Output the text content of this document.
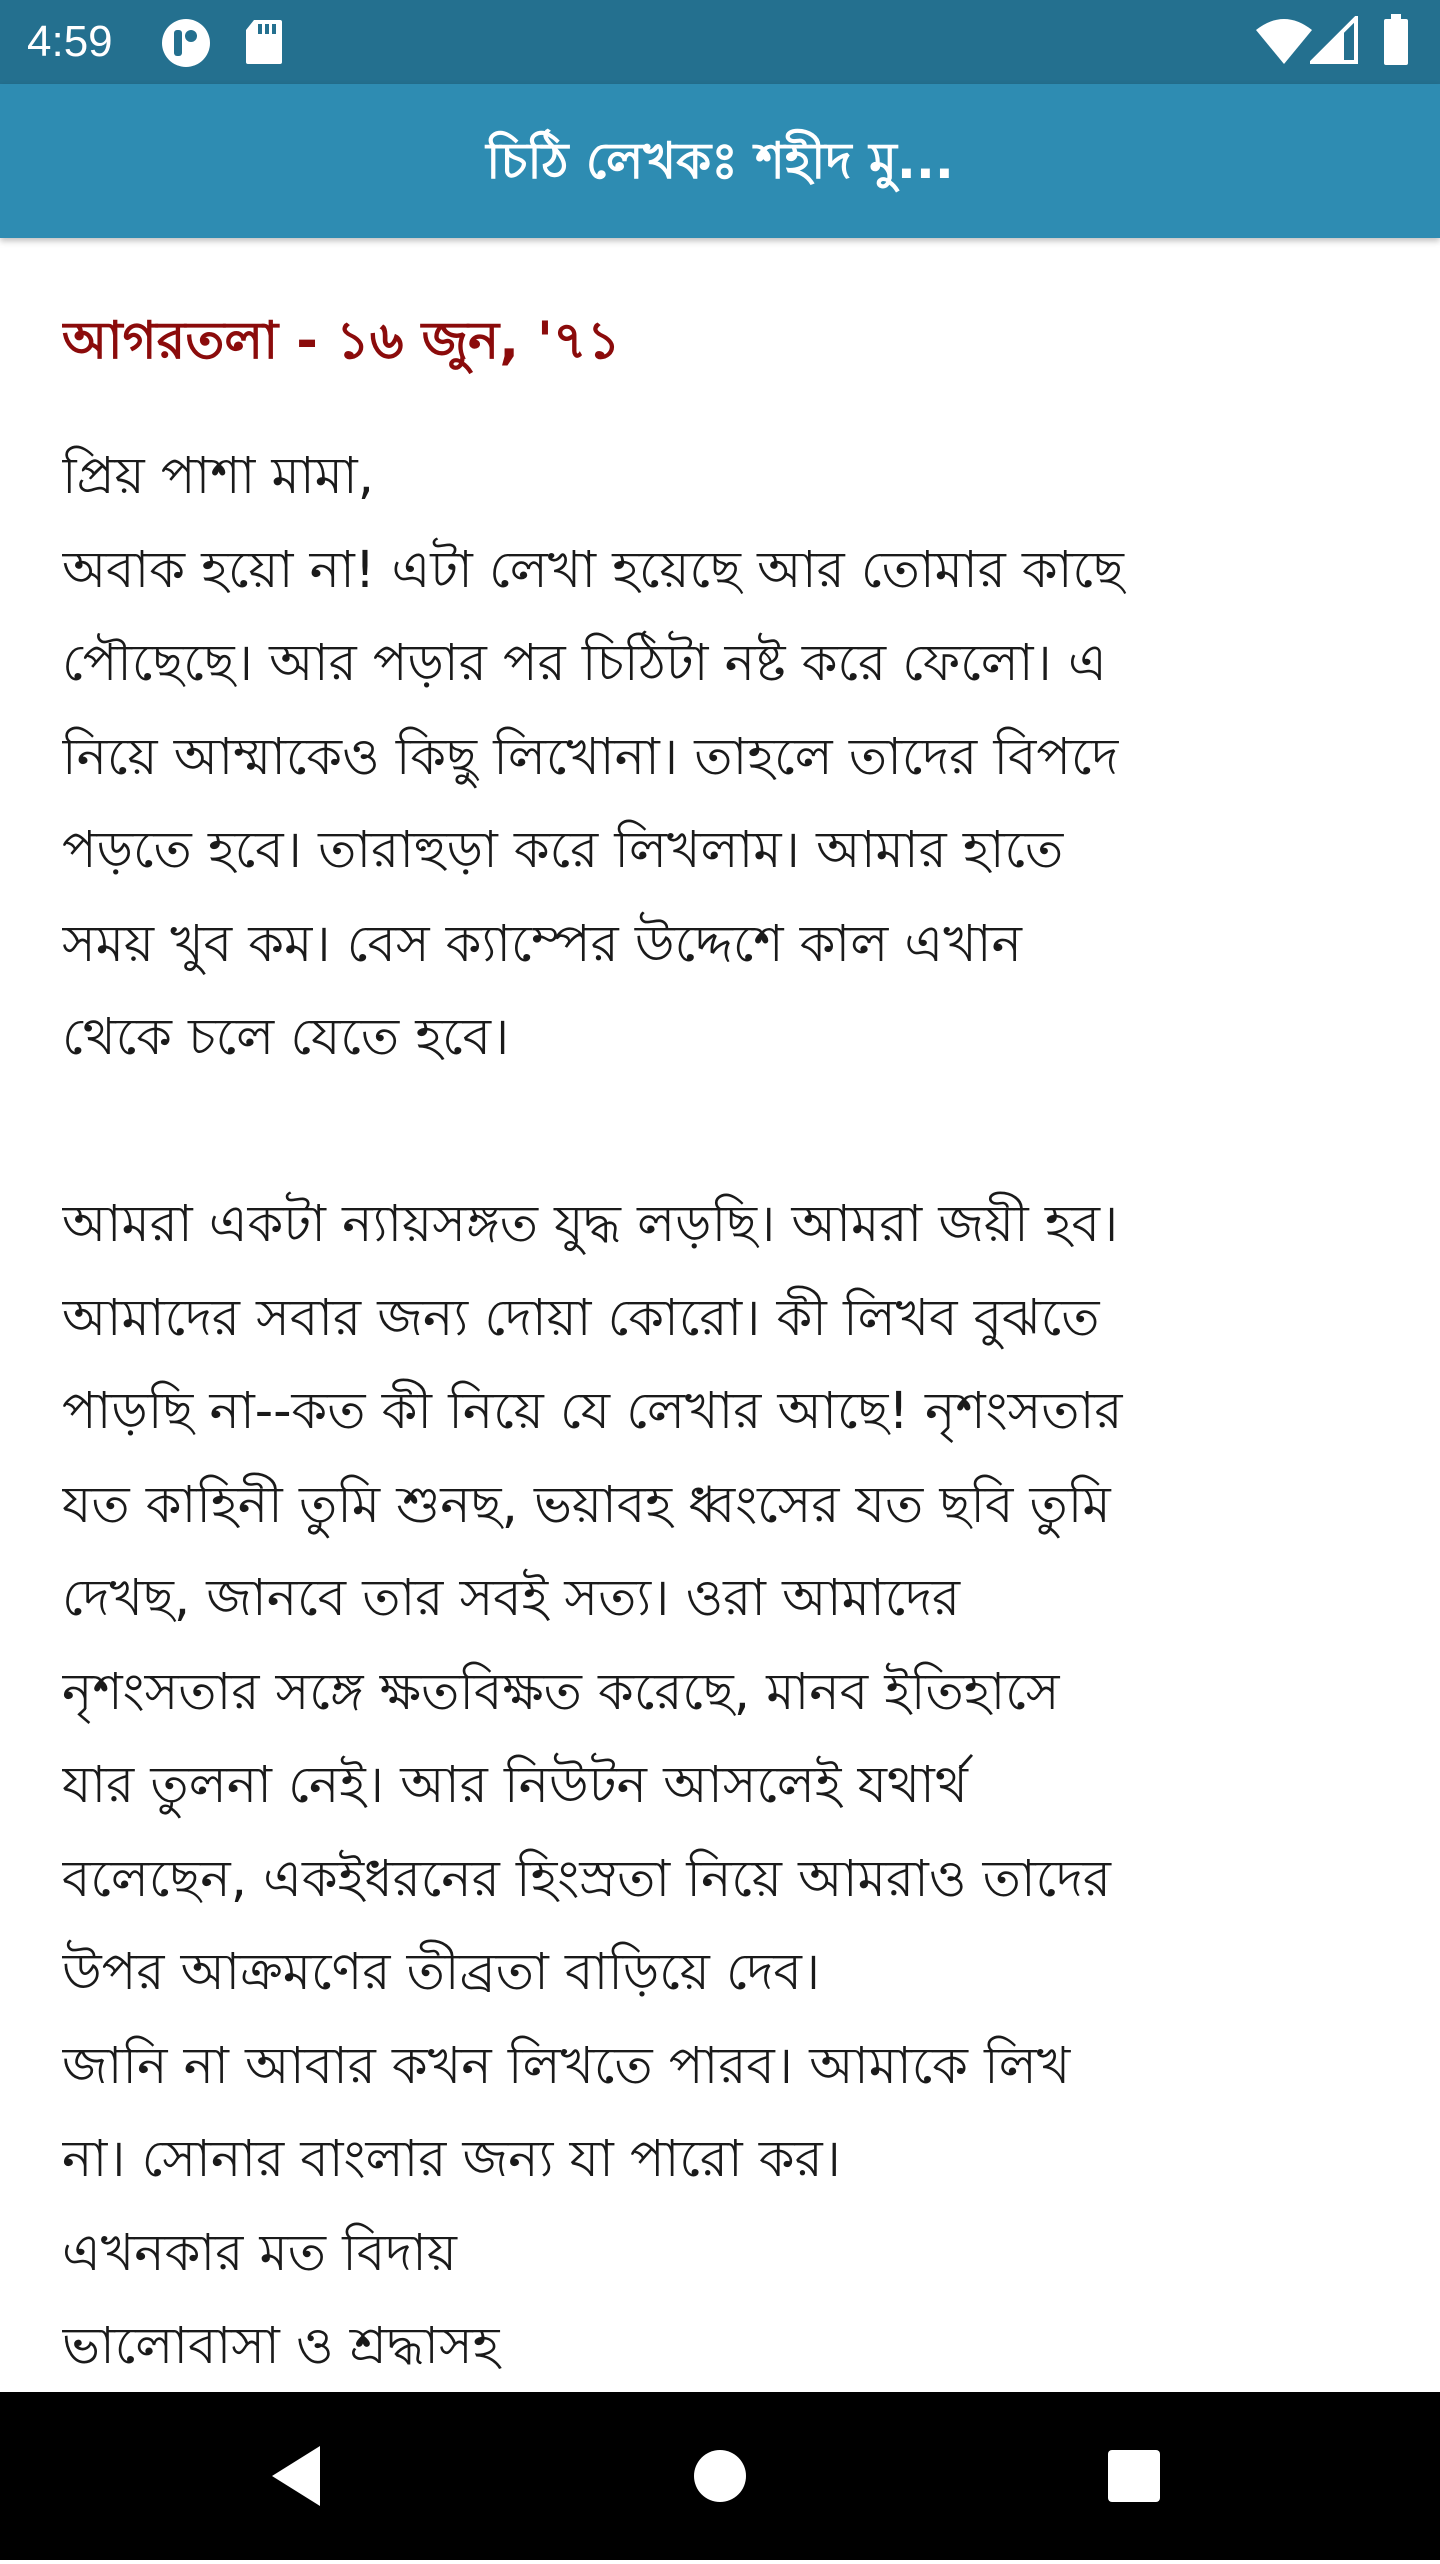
4:59
চিঠি লেখকঃ শহীদ মু...
আগরতলা - ১৬ জুন, '৭১
প্রিয় পাশা মামা,
অবাক হয়ো না! এটা লেখা হয়েছে আর তোমার কাছে
পৌছেছে। আর পড়ার পর চিঠিটা নষ্ট করে ফেলো। এ
নিয়ে আম্মাকেও কিছু লিখোনা। তাহলে তাদের বিপদে
পড়তে হবে। তারাহুড়া করে লিখলাম। আমার হাতে
সময় খুব কম। বেস ক্যাম্পের উদ্দেশে কাল এখান
থেকে চলে যেতে হবে।
আমরা একটা ন্যায়সঙ্গত যুদ্ধ লড়ছি। আমরা জয়ী হব।
আমাদের সবার জন্য দোয়া কোরো। কী লিখব বুঝতে
পাড়ছি না--কত কী নিয়ে যে লেখার আছে! নৃশংসতার
যত কাহিনী তুমি শুনছ, ভয়াবহ ধ্বংসের যত ছবি তুমি
দেখছ, জানবে তার সবই সত্য। ওরা আমাদের
নৃশংসতার সঙ্গে ক্ষতবিক্ষত করেছে, মানব ইতিহাসে
যার তুলনা নেই। আর নিউটন আসলেই যথার্থ
বলেছেন, একইধরনের হিংস্রতা নিয়ে আমরাও তাদের
উপর আক্রমণের তীব্রতা বাড়িয়ে দেব।
জানি না আবার কখন লিখতে পারব। আমাকে লিখ
না। সোনার বাংলার জন্য যা পারো কর।
এখনকার মত বিদায়
ভালোবাসা ও শ্রদ্ধাসহ
